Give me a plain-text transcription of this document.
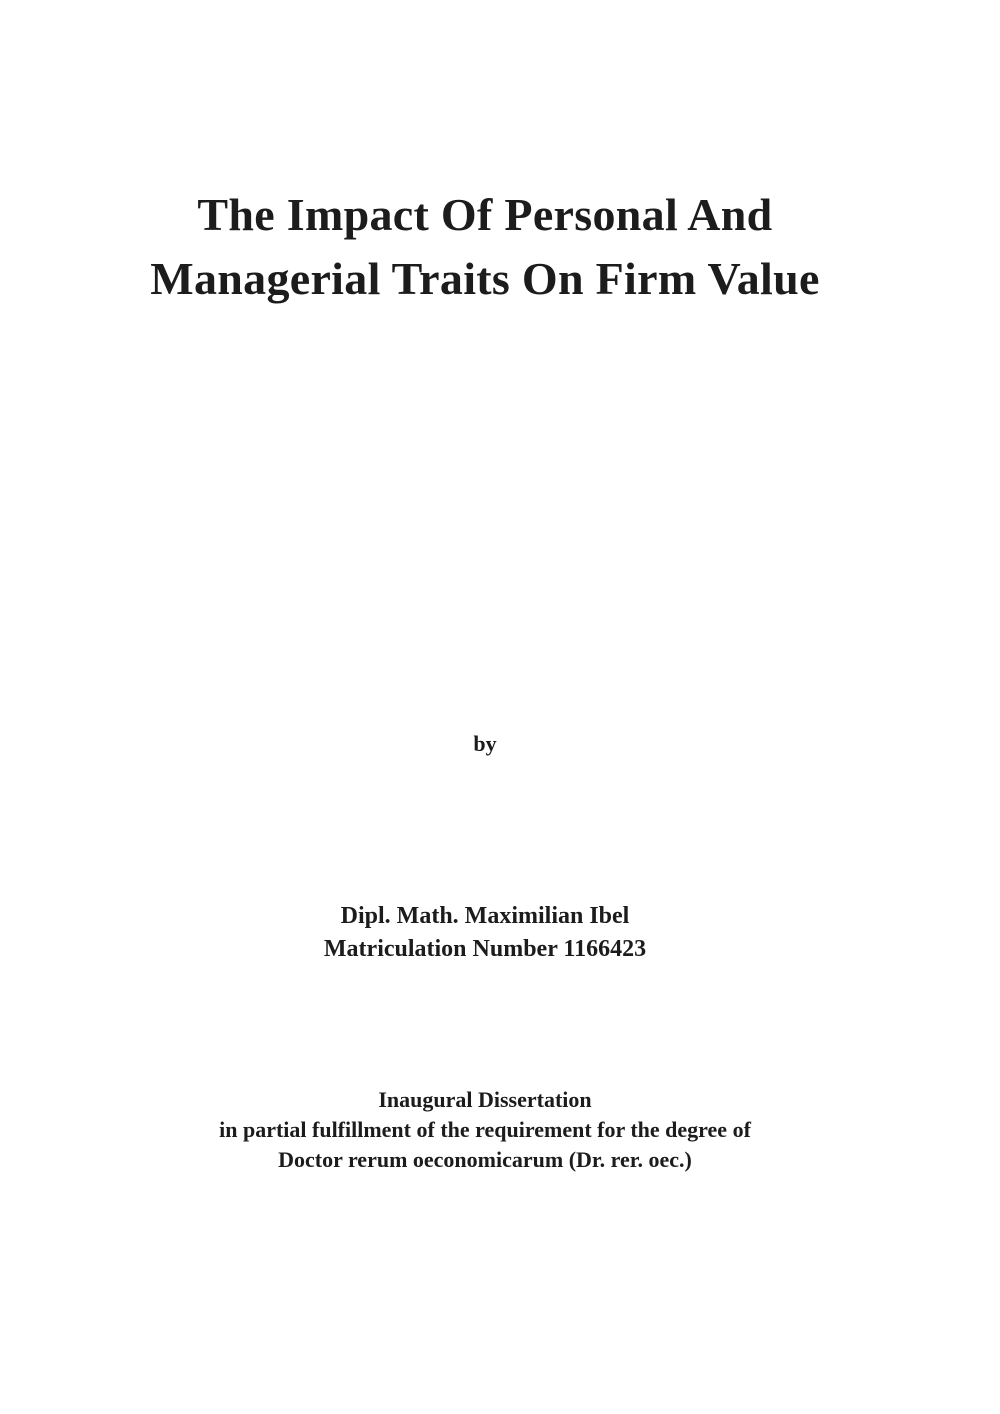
The Impact Of Personal And
Managerial Traits On Firm Value
by
Dipl. Math. Maximilian Ibel
Matriculation Number 1166423
Inaugural Dissertation
in partial fulfillment of the requirement for the degree of
Doctor rerum oeconomicarum (Dr. rer. oec.)
